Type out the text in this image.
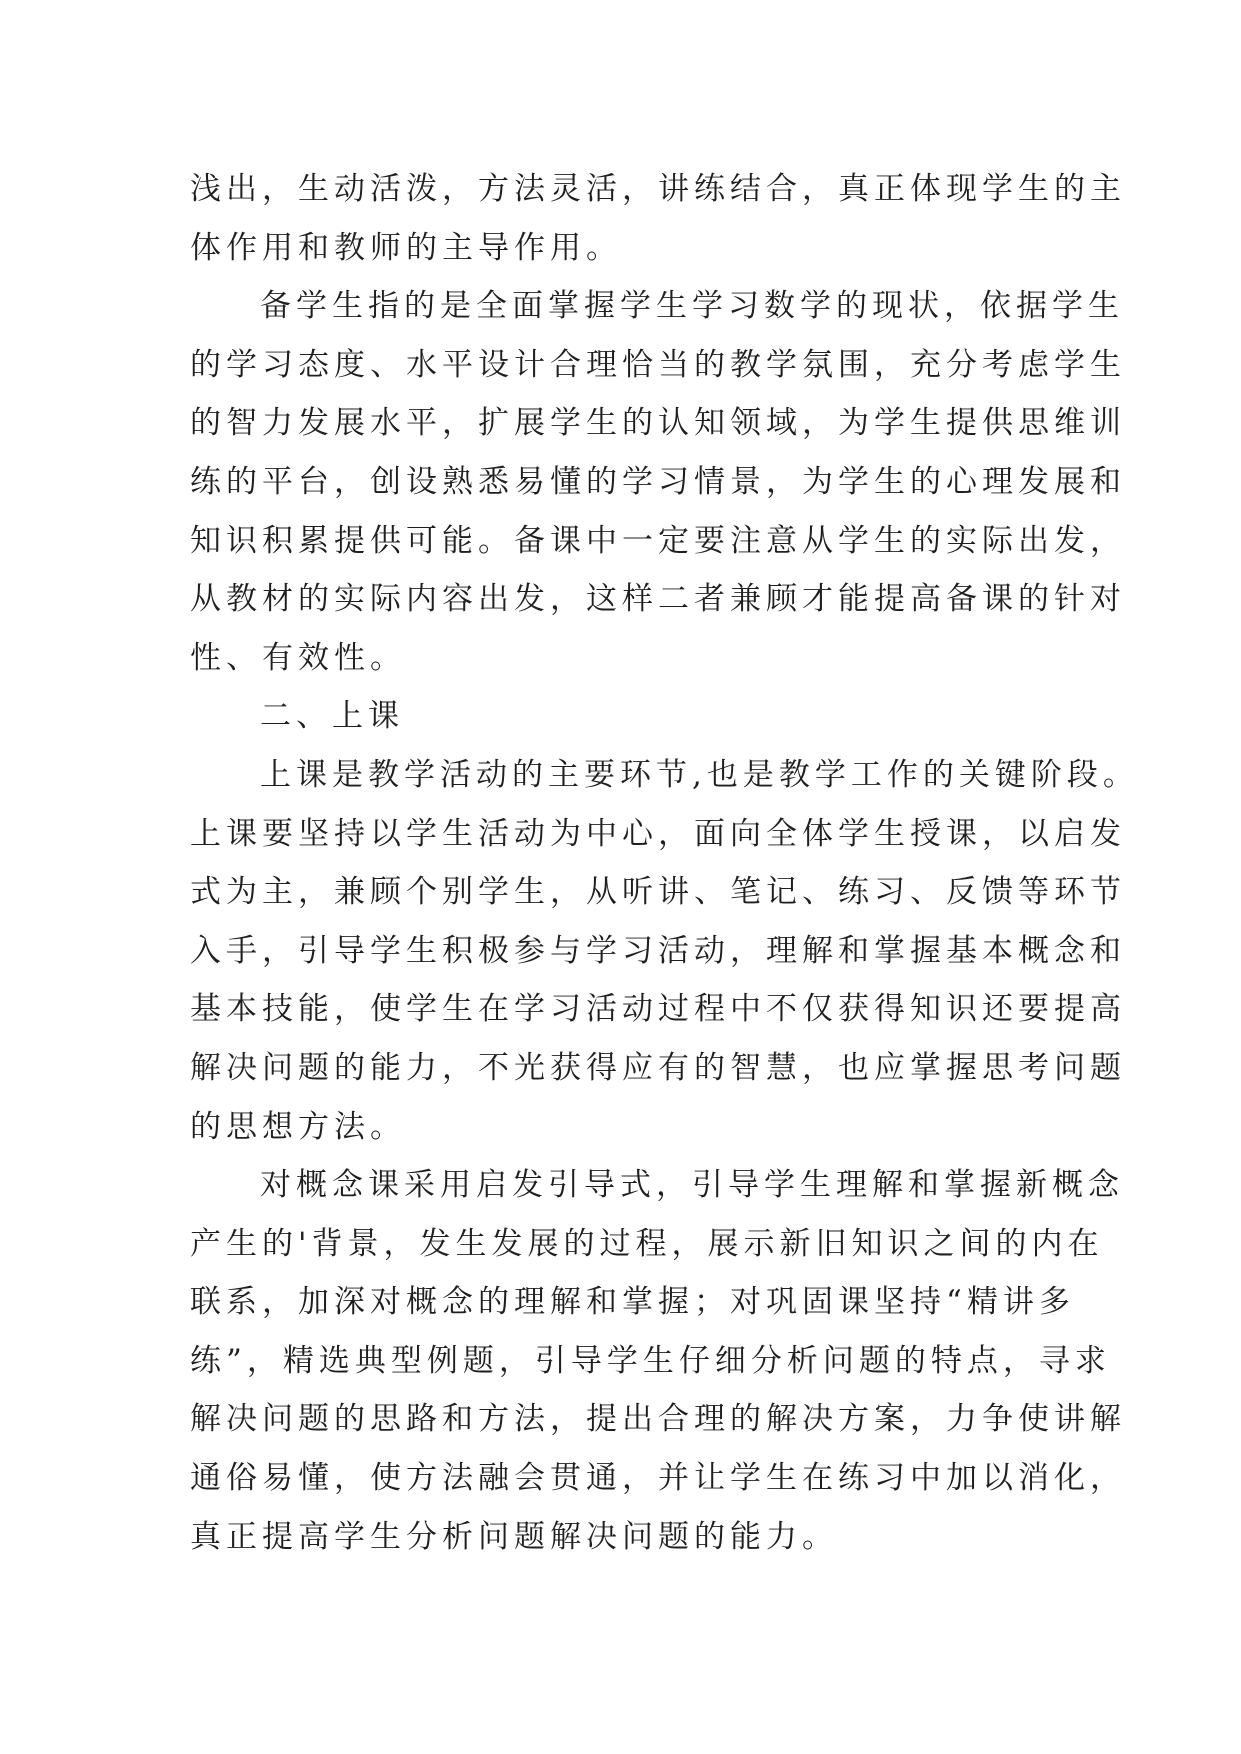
浅出，生动活泼，方法灵活，讲练结合，真正体现学生的主
体作用和教师的主导作用。
备学生指的是全面掌握学生学习数学的现状，依据学生
的学习态度、水平设计合理恰当的教学氛围，充分考虑学生
的智力发展水平，扩展学生的认知领域，为学生提供思维训
练的平台，创设熟悉易懂的学习情景，为学生的心理发展和
知识积累提供可能。备课中一定要注意从学生的实际出发，
从教材的实际内容出发，这样二者兼顾才能提高备课的针对
性、有效性。
二、上课
上课是教学活动的主要环节,也是教学工作的关键阶段。
上课要坚持以学生活动为中心，面向全体学生授课，以启发
式为主，兼顾个别学生，从听讲、笔记、练习、反馈等环节
入手，引导学生积极参与学习活动，理解和掌握基本概念和
基本技能，使学生在学习活动过程中不仅获得知识还要提高
解决问题的能力，不光获得应有的智慧，也应掌握思考问题
的思想方法。
对概念课采用启发引导式，引导学生理解和掌握新概念
产生的'背景，发生发展的过程，展示新旧知识之间的内在
联系，加深对概念的理解和掌握；对巩固课坚持“精讲多
练”，精选典型例题，引导学生仔细分析问题的特点，寻求
解决问题的思路和方法，提出合理的解决方案，力争使讲解
通俗易懂，使方法融会贯通，并让学生在练习中加以消化，
真正提高学生分析问题解决问题的能力。
